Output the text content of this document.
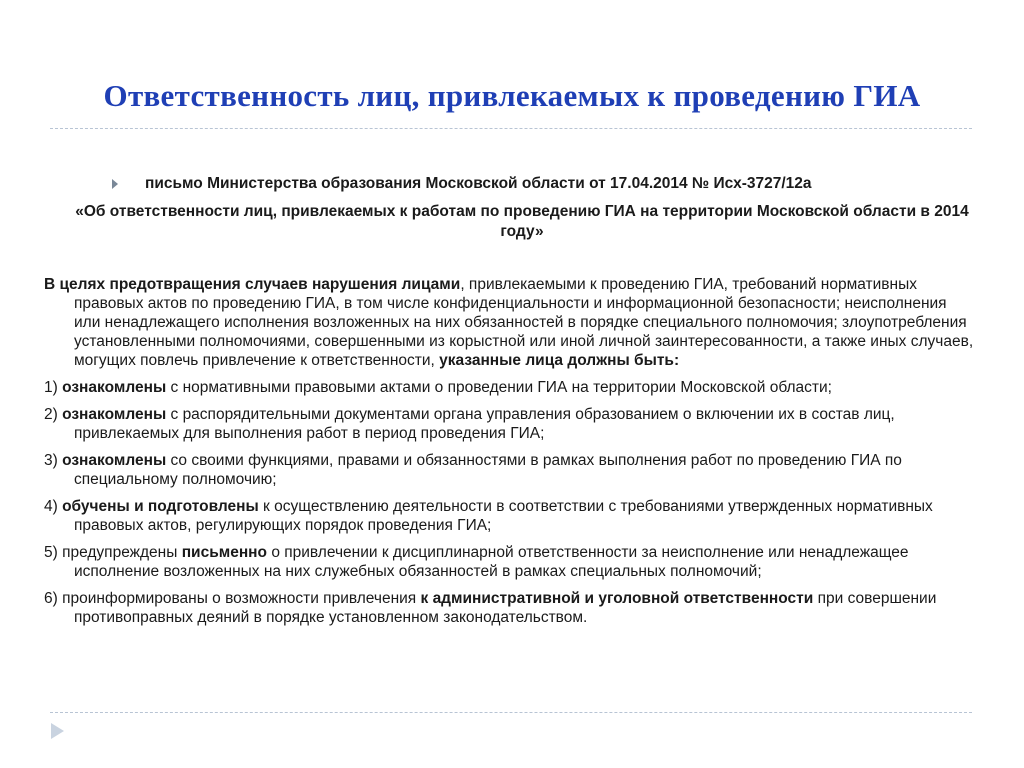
Ответственность лиц, привлекаемых к проведению ГИА
письмо Министерства образования Московской области от 17.04.2014 № Исх-3727/12а
«Об ответственности лиц, привлекаемых к работам по проведению ГИА на территории Московской области в 2014 году»

В целях предотвращения случаев нарушения лицами, привлекаемыми к проведению ГИА, требований нормативных правовых актов по проведению ГИА, в том числе конфиденциальности и информационной безопасности; неисполнения или ненадлежащего исполнения возложенных на них обязанностей в порядке специального полномочия; злоупотребления установленными полномочиями, совершенными из корыстной или иной личной заинтересованности, а также иных случаев, могущих повлечь привлечение к ответственности, указанные лица должны быть:

1) ознакомлены с нормативными правовыми актами о проведении ГИА на территории Московской области;

2) ознакомлены с распорядительными документами органа управления образованием о включении их в состав лиц, привлекаемых для выполнения работ в период проведения ГИА;

3) ознакомлены со своими функциями, правами и обязанностями в рамках выполнения работ по проведению ГИА по специальному полномочию;

4) обучены и подготовлены к осуществлению деятельности в соответствии с требованиями утвержденных нормативных правовых актов, регулирующих порядок проведения ГИА;

5) предупреждены письменно о привлечении к дисциплинарной ответственности за неисполнение или ненадлежащее исполнение возложенных на них служебных обязанностей в рамках специальных полномочий;

6) проинформированы о возможности привлечения к административной и уголовной ответственности при совершении противоправных деяний в порядке установленном законодательством.
